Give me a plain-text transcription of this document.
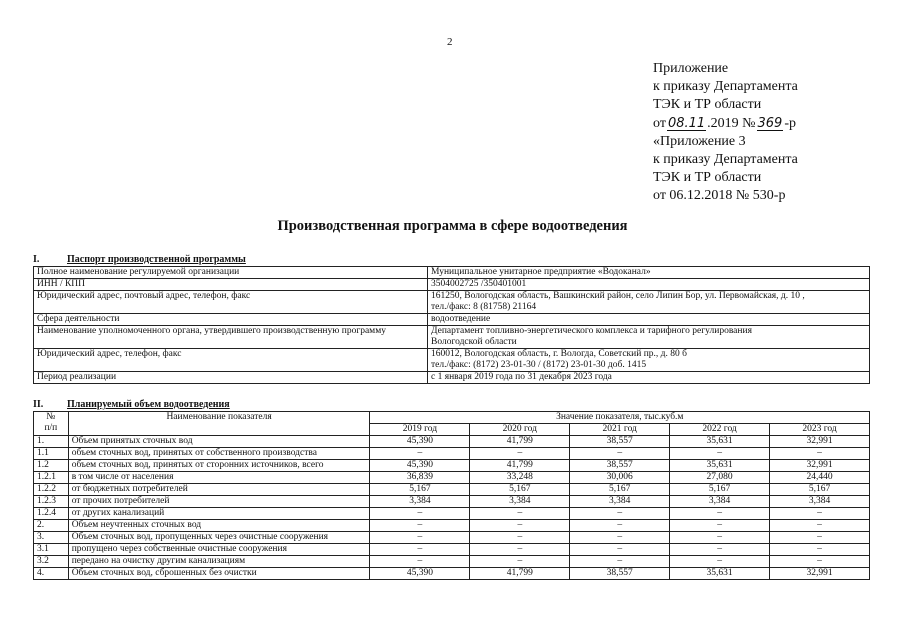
2
Приложение
к приказу Департамента
ТЭК и ТР области
от 08.11 .2019 № 369 -р
«Приложение 3
к приказу Департамента
ТЭК и ТР области
от 06.12.2018 № 530-р
Производственная программа в сфере водоотведения
I.	Паспорт производственной программы
Полное наименование регулируемой организации	Муниципальное унитарное предприятие «Водоканал»

ИНН / КПП	3504002725 /350401001

Юридический адрес, почтовый адрес, телефон, факс	161250, Вологодская область, Вашкинский район, село Липин Бор, ул. Первомайская, д. 10 ,
тел./факс: 8 (81758) 21164

Сфера деятельности	водоотведение

Наименование уполномоченного органа, утвердившего производственную программу	Департамент топливно-энергетического комплекса и тарифного регулирования
Вологодской области

Юридический адрес, телефон, факс	160012, Вологодская область, г. Вологда, Советский пр., д. 80 б
тел./факс: (8172) 23-01-30 / (8172) 23-01-30 доб. 1415

Период реализации	с 1 января 2019 года по 31 декабря 2023 года
II. Планируемый объем водоотведения
№
п/п	Наименование показателя	Значение показателя, тыс.куб.м				
		2019 год	2020 год	2021 год	2022 год	2023 год
1.	Объем принятых сточных вод	45,390	41,799	38,557	35,631	32,991
1.1	объем сточных вод, принятых от собственного производства	–	–	–	–	–
1.2	объем сточных вод, принятых от сторонних источников, всего	45,390	41,799	38,557	35,631	32,991
1.2.1	в том числе от населения	36,839	33,248	30,006	27,080	24,440
1.2.2	от бюджетных потребителей	5,167	5,167	5,167	5,167	5,167
1.2.3	от прочих потребителей	3,384	3,384	3,384	3,384	3,384
1.2.4	от других канализаций	–	–	–	–	–
2.	Объем неучтенных сточных вод	–	–	–	–	–
3.	Объем сточных вод, пропущенных через очистные сооружения	–	–	–	–	–
3.1	пропущено через собственные очистные сооружения	–	–	–	–	–
3.2	передано на очистку другим канализациям	–	–	–	–	–
4.	Объем сточных вод, сброшенных без очистки	45,390	41,799	38,557	35,631	32,991
